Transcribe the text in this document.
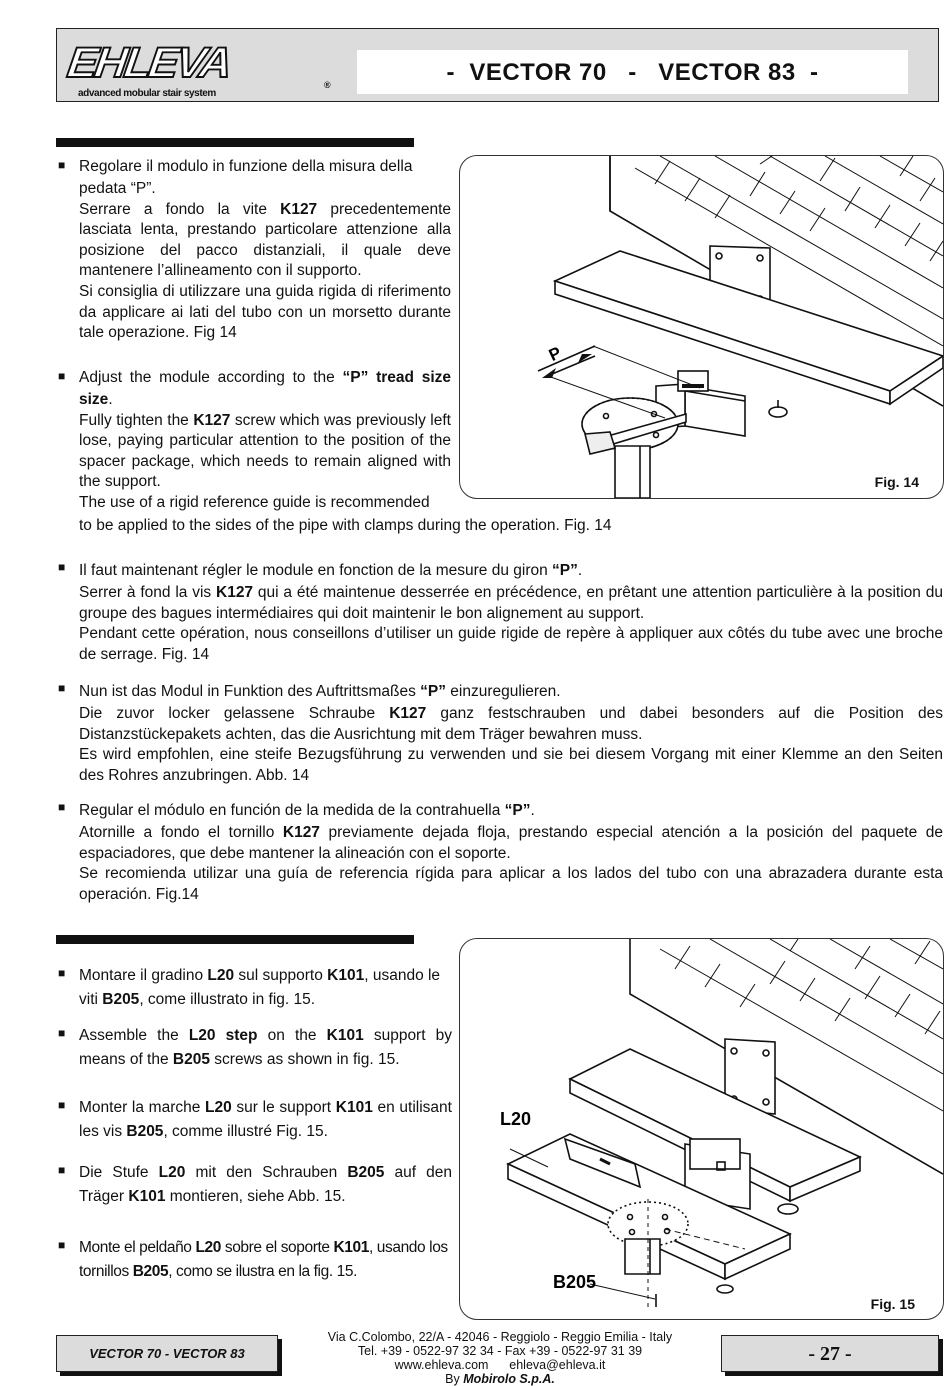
EHLEVA	®
advanced mobular stair system
-  VECTOR 70   -   VECTOR 83  -
■ Regolare il modulo in funzione della misura della

pedata “P”.

Serrare a fondo la vite K127 precedentemente lasciata lenta, prestando particolare attenzione alla posizione del pacco distanziali, il quale deve mantenere l’allineamento con il supporto.

Si consiglia di utilizzare una guida rigida di riferimento da applicare ai lati del tubo con un morsetto durante tale operazione. Fig 14

■ Adjust the module according to the “P” tread size

size.

Fully tighten the K127 screw which was previously left lose, paying particular attention to the position of the spacer package, which needs to remain aligned with the support.

The use of a rigid reference guide is recommended

to be applied to the sides of the pipe with clamps during the operation. Fig. 14
■ Il faut maintenant régler le module en fonction de la mesure du giron “P”.

Serrer à fond la vis K127 qui a été maintenue desserrée en précédence, en prêtant une attention particulière à la position du groupe des bagues intermédiaires qui doit maintenir le bon alignement au support.

Pendant cette opération, nous conseillons d’utiliser un guide rigide de repère à appliquer aux côtés du tube avec une broche de serrage. Fig. 14

■ Nun ist das Modul in Funktion des Auftrittsmaßes “P” einzuregulieren.

Die zuvor locker gelassene Schraube K127 ganz festschrauben und dabei besonders auf die Position des Distanzstückepakets achten, das die Ausrichtung mit dem Träger bewahren muss.

Es wird empfohlen, eine steife Bezugsführung zu verwenden und sie bei diesem Vorgang mit einer Klemme an den Seiten des Rohres anzubringen. Abb. 14

■ Regular el módulo en función de la medida de la contrahuella “P”.

Atornille a fondo el tornillo K127 previamente dejada floja, prestando especial atención a la posición del paquete de espaciadores, que debe mantener la alineación con el soporte.

Se recomienda utilizar una guía de referencia rígida para aplicar a los lados del tubo con una abrazadera durante esta operación. Fig.14

P
Fig. 14
■ Montare il gradino L20 sul supporto K101, usando le viti B205, come illustrato in fig. 15.
■ Assemble the L20 step on the K101 support by means of the B205 screws as shown in fig. 15.
■ Monter la marche L20 sur le support K101 en utilisant les vis B205, comme illustré Fig. 15.
■ Die Stufe L20 mit den Schrauben B205 auf den Träger K101 montieren, siehe Abb. 15.
■ Monte el peldaño L20 sobre el soporte K101, usando los tornillos B205, como se ilustra en la fig. 15.
L20
B205
Fig. 15
VECTOR 70 - VECTOR 83
Via C.Colombo, 22/A - 42046 - Reggiolo - Reggio Emilia - Italy
Tel. +39 - 0522-97 32 34 - Fax +39 - 0522-97 31 39
www.ehleva.com      ehleva@ehleva.it
By Mobirolo S.p.A.
- 27 -
